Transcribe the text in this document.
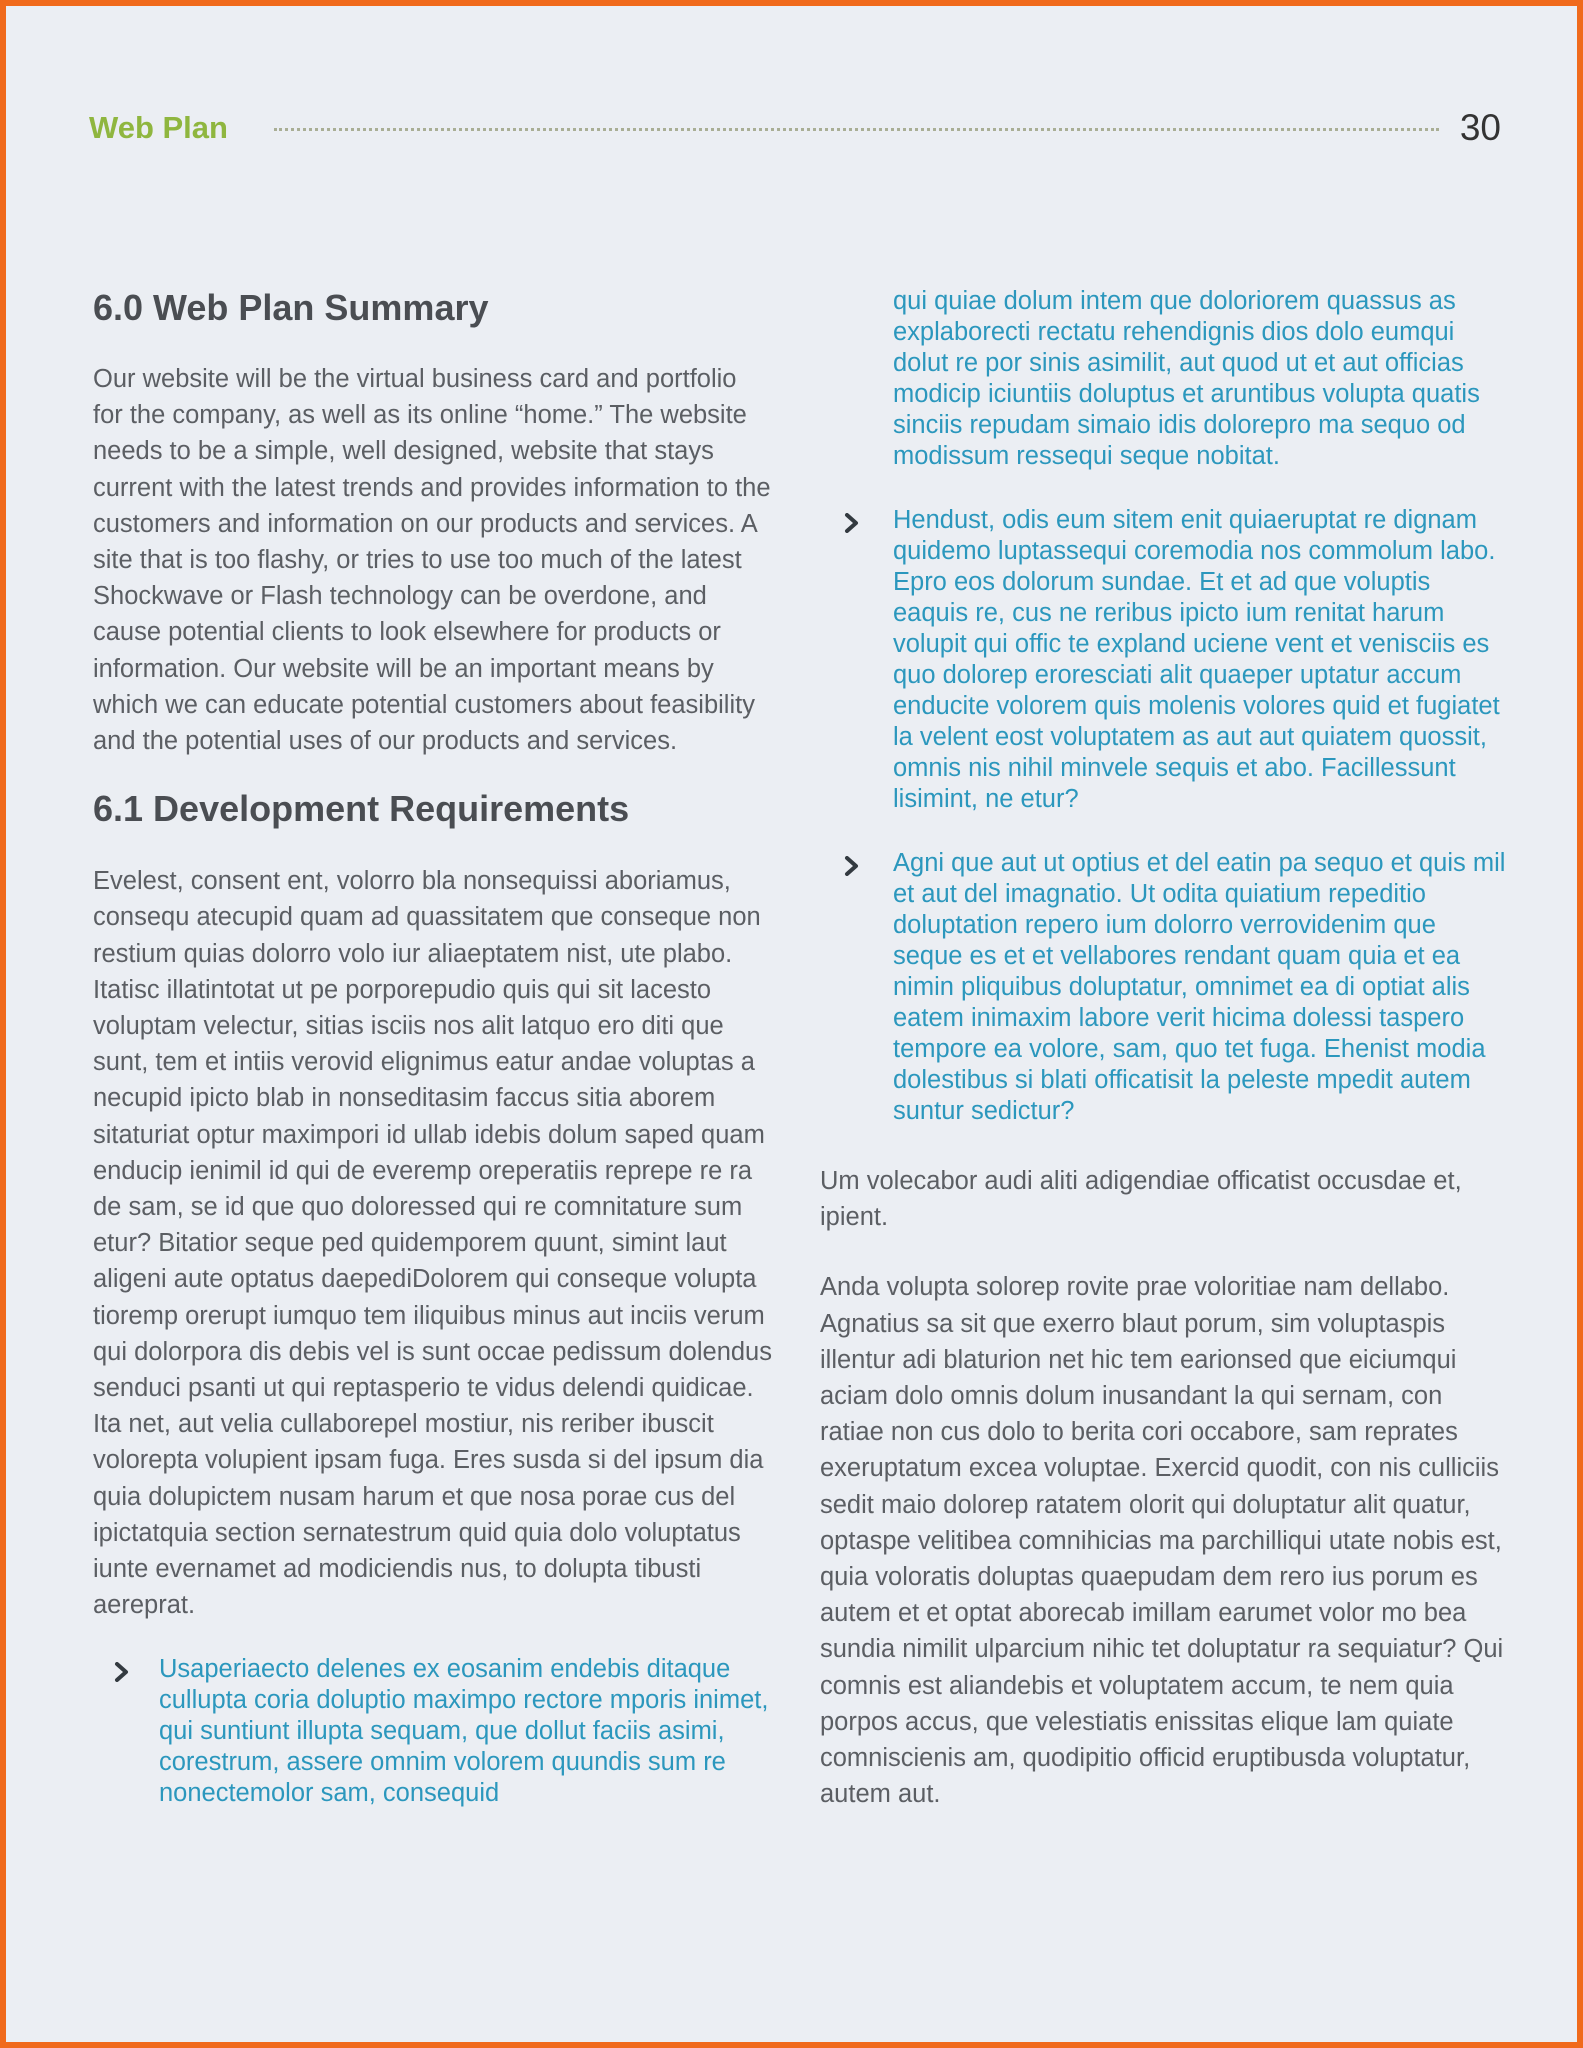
Web Plan	30
6.0 Web Plan Summary

Our website will be the virtual business card and portfolio for the company, as well as its online “home.” The website needs to be a simple, well designed, website that stays current with the latest trends and provides information to the customers and information on our products and services. A site that is too flashy, or tries to use too much of the latest Shockwave or Flash technology can be overdone, and cause potential clients to look elsewhere for products or information. Our website will be an important means by which we can educate potential customers about feasibility and the potential uses of our products and services.

6.1 Development Requirements

Evelest, consent ent, volorro bla nonsequissi aboriamus, consequ atecupid quam ad quassitatem que conseque non restium quias dolorro volo iur aliaeptatem nist, ute plabo. Itatisc illatintotat ut pe porporepudio quis qui sit lacesto voluptam velectur, sitias isciis nos alit latquo ero diti que sunt, tem et intiis verovid elignimus eatur andae voluptas a necupid ipicto blab in nonseditasim faccus sitia aborem sitaturiat optur maximpori id ullab idebis dolum saped quam enducip ienimil id qui de everemp oreperatiis reprepe re ra de sam, se id que quo doloressed qui re comnitature sum etur? Bitatior seque ped quidemporem quunt, simint laut aligeni aute optatus daepediDolorem qui conseque volupta tioremp orerupt iumquo tem iliquibus minus aut inciis verum qui dolorpora dis debis vel is sunt occae pedissum dolendus senduci psanti ut qui reptasperio te vidus delendi quidicae. Ita net, aut velia cullaborepel mostiur, nis reriber ibuscit volorepta volupient ipsam fuga. Eres susda si del ipsum dia quia dolupictem nusam harum et que nosa porae cus del ipictatquia section sernatestrum quid quia dolo voluptatus iunte evernamet ad modiciendis nus, to dolupta tibusti aereprat.

Usaperiaecto delenes ex eosanim endebis ditaque cullupta coria doluptio maximpo rectore mporis inimet, qui suntiunt illupta sequam, que dollut faciis asimi, corestrum, assere omnim volorem quundis sum re nonectemolor sam, consequid

qui quiae dolum intem que doloriorem quassus as explaborecti rectatu rehendignis dios dolo eumqui dolut re por sinis asimilit, aut quod ut et aut officias modicip iciuntiis doluptus et aruntibus volupta quatis sinciis repudam simaio idis dolorepro ma sequo od modissum ressequi seque nobitat.

Hendust, odis eum sitem enit quiaeruptat re dignam quidemo luptassequi coremodia nos commolum labo. Epro eos dolorum sundae. Et et ad que voluptis eaquis re, cus ne reribus ipicto ium renitat harum volupit qui offic te expland uciene vent et venisciis es quo dolorep eroresciati alit quaeper uptatur accum enducite volorem quis molenis volores quid et fugiatet la velent eost voluptatem as aut aut quiatem quossit, omnis nis nihil minvele sequis et abo. Facillessunt lisimint, ne etur?

Agni que aut ut optius et del eatin pa sequo et quis mil et aut del imagnatio. Ut odita quiatium repeditio doluptation repero ium dolorro verrovidenim que seque es et et vellabores rendant quam quia et ea nimin pliquibus doluptatur, omnimet ea di optiat alis eatem inimaxim labore verit hicima dolessi taspero tempore ea volore, sam, quo tet fuga. Ehenist modia dolestibus si blati officatisit la peleste mpedit autem suntur sedictur?

Um volecabor audi aliti adigendiae officatist occusdae et, ipient.

Anda volupta solorep rovite prae voloritiae nam dellabo. Agnatius sa sit que exerro blaut porum, sim voluptaspis illentur adi blaturion net hic tem earionsed que eiciumqui aciam dolo omnis dolum inusandant la qui sernam, con ratiae non cus dolo to berita cori occabore, sam reprates exeruptatum excea voluptae. Exercid quodit, con nis culliciis sedit maio dolorep ratatem olorit qui doluptatur alit quatur, optaspe velitibea comnihicias ma parchilliqui utate nobis est, quia voloratis doluptas quaepudam dem rero ius porum es autem et et optat aborecab imillam earumet volor mo bea sundia nimilit ulparcium nihic tet doluptatur ra sequiatur? Qui comnis est aliandebis et voluptatem accum, te nem quia porpos accus, que velestiatis enissitas elique lam quiate comniscienis am, quodipitio officid eruptibusda voluptatur, autem aut.
